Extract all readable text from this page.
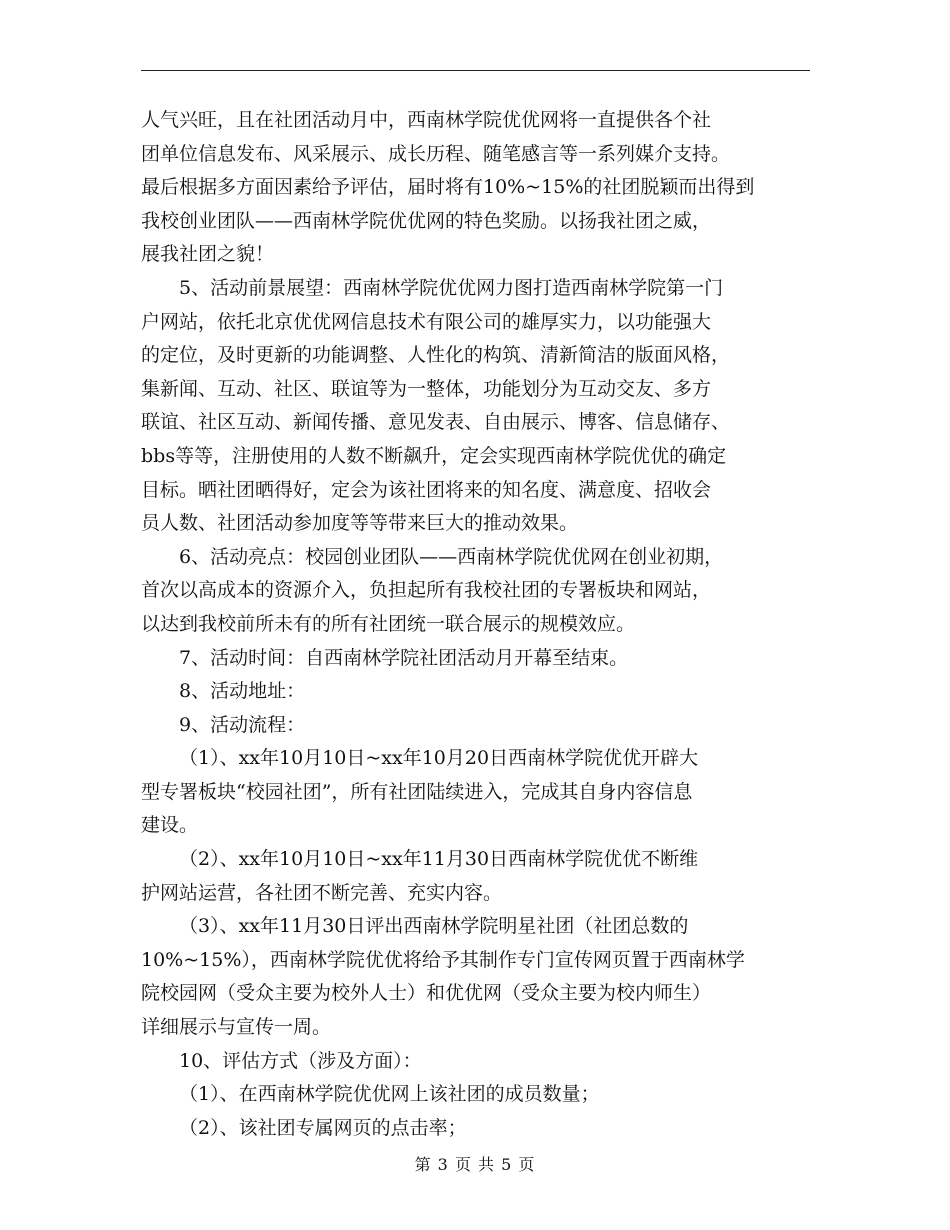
人气兴旺，且在社团活动月中，西南林学院优优网将一直提供各个社
团单位信息发布、风采展示、成长历程、随笔感言等一系列媒介支持。
最后根据多方面因素给予评估，届时将有10%~15%的社团脱颖而出得到
我校创业团队——西南林学院优优网的特色奖励。以扬我社团之威，
展我社团之貌！
5、活动前景展望：西南林学院优优网力图打造西南林学院第一门
户网站，依托北京优优网信息技术有限公司的雄厚实力，以功能强大
的定位，及时更新的功能调整、人性化的构筑、清新简洁的版面风格，
集新闻、互动、社区、联谊等为一整体，功能划分为互动交友、多方
联谊、社区互动、新闻传播、意见发表、自由展示、博客、信息储存、
bbs等等，注册使用的人数不断飙升，定会实现西南林学院优优的确定
目标。晒社团晒得好，定会为该社团将来的知名度、满意度、招收会
员人数、社团活动参加度等等带来巨大的推动效果。
6、活动亮点：校园创业团队——西南林学院优优网在创业初期，
首次以高成本的资源介入，负担起所有我校社团的专署板块和网站，
以达到我校前所未有的所有社团统一联合展示的规模效应。
7、活动时间：自西南林学院社团活动月开幕至结束。
8、活动地址：
9、活动流程：
（1）、xx年10月10日~xx年10月20日西南林学院优优开辟大
型专署板块“校园社团”，所有社团陆续进入，完成其自身内容信息
建设。
（2）、xx年10月10日~xx年11月30日西南林学院优优不断维
护网站运营，各社团不断完善、充实内容。
（3）、xx年11月30日评出西南林学院明星社团（社团总数的
10%~15%），西南林学院优优将给予其制作专门宣传网页置于西南林学
院校园网（受众主要为校外人士）和优优网（受众主要为校内师生）
详细展示与宣传一周。
10、评估方式（涉及方面）：
（1）、在西南林学院优优网上该社团的成员数量；
（2）、该社团专属网页的点击率；
第 3 页 共 5 页
